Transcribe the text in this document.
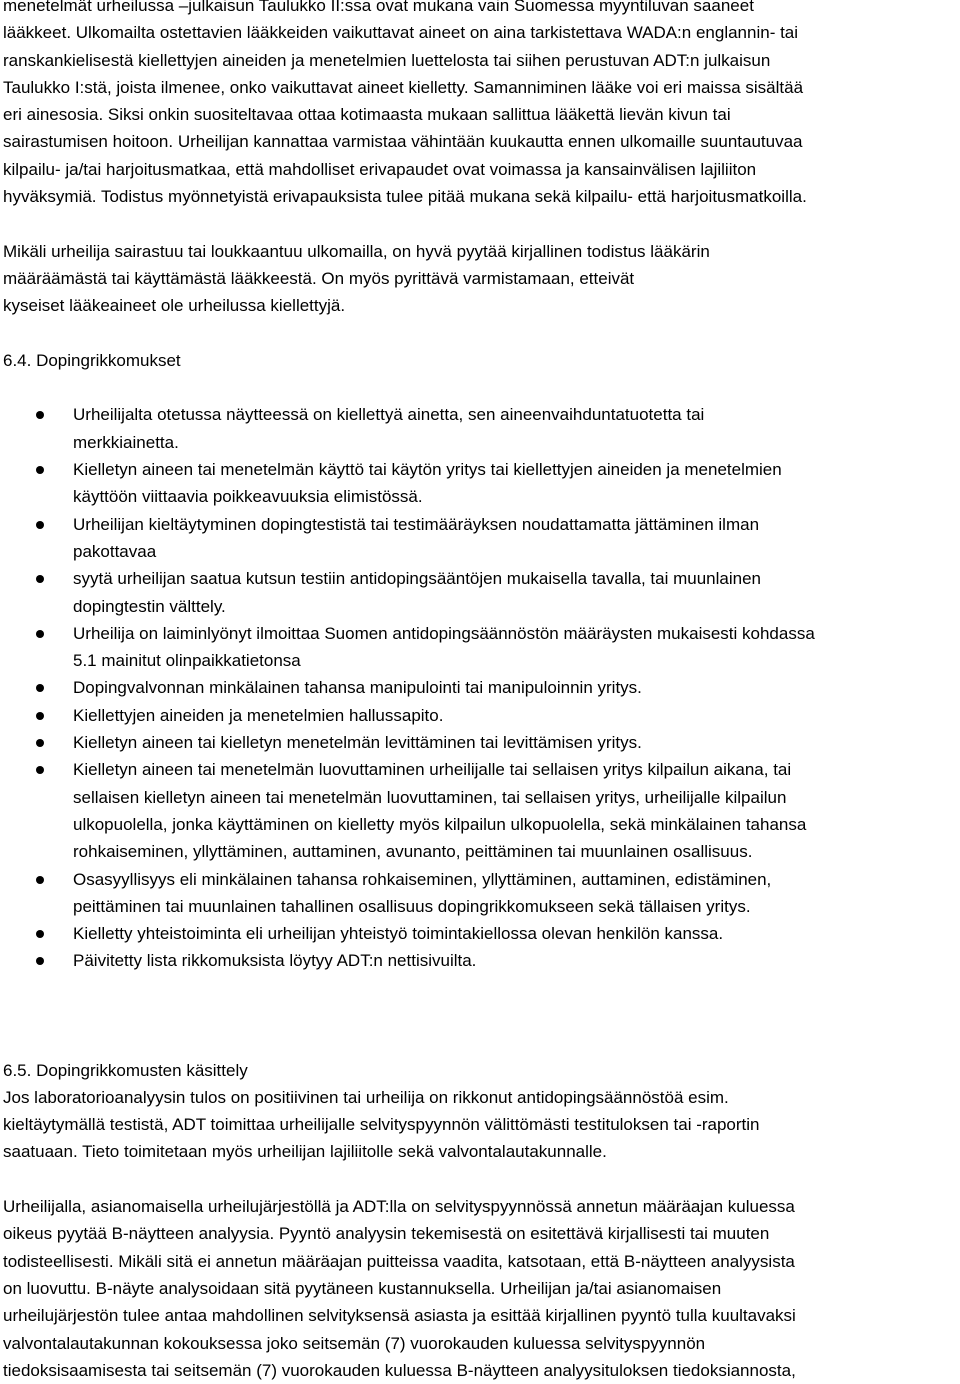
menetelmät urheilussa –julkaisun Taulukko II:ssa ovat mukana vain Suomessa myyntiluvan saaneet

lääkkeet. Ulkomailta ostettavien lääkkeiden vaikuttavat aineet on aina tarkistettava WADA:n englannin- tai

ranskankielisestä kiellettyjen aineiden ja menetelmien luettelosta tai siihen perustuvan ADT:n julkaisun

Taulukko I:stä, joista ilmenee, onko vaikuttavat aineet kielletty. Samanniminen lääke voi eri maissa sisältää

eri ainesosia. Siksi onkin suositeltavaa ottaa kotimaasta mukaan sallittua lääkettä lievän kivun tai

sairastumisen hoitoon. Urheilijan kannattaa varmistaa vähintään kuukautta ennen ulkomaille suuntautuvaa

kilpailu- ja/tai harjoitusmatkaa, että mahdolliset erivapaudet ovat voimassa ja kansainvälisen lajiliiton

hyväksymiä. Todistus myönnetyistä erivapauksista tulee pitää mukana sekä kilpailu- että harjoitusmatkoilla.

Mikäli urheilija sairastuu tai loukkaantuu ulkomailla, on hyvä pyytää kirjallinen todistus lääkärin

määräämästä tai käyttämästä lääkkeestä. On myös pyrittävä varmistamaan, etteivät

kyseiset lääkeaineet ole urheilussa kiellettyjä.

6.4. Dopingrikkomukset

Urheilijalta otetussa näytteessä on kiellettyä ainetta, sen aineenvaihduntatuotetta tai
merkkiainetta.
Kielletyn aineen tai menetelmän käyttö tai käytön yritys tai kiellettyjen aineiden ja menetelmien
käyttöön viittaavia poikkeavuuksia elimistössä.
Urheilijan kieltäytyminen dopingtestistä tai testimääräyksen noudattamatta jättäminen ilman
pakottavaa
syytä urheilijan saatua kutsun testiin antidopingsääntöjen mukaisella tavalla, tai muunlainen
dopingtestin välttely.
Urheilija on laiminlyönyt ilmoittaa Suomen antidopingsäännöstön määräysten mukaisesti kohdassa
5.1 mainitut olinpaikkatietonsa
Dopingvalvonnan minkälainen tahansa manipulointi tai manipuloinnin yritys.
Kiellettyjen aineiden ja menetelmien hallussapito.
Kielletyn aineen tai kielletyn menetelmän levittäminen tai levittämisen yritys.
Kielletyn aineen tai menetelmän luovuttaminen urheilijalle tai sellaisen yritys kilpailun aikana, tai
sellaisen kielletyn aineen tai menetelmän luovuttaminen, tai sellaisen yritys, urheilijalle kilpailun
ulkopuolella, jonka käyttäminen on kielletty myös kilpailun ulkopuolella, sekä minkälainen tahansa
rohkaiseminen, yllyttäminen, auttaminen, avunanto, peittäminen tai muunlainen osallisuus.
Osasyyllisyys eli minkälainen tahansa rohkaiseminen, yllyttäminen, auttaminen, edistäminen,
peittäminen tai muunlainen tahallinen osallisuus dopingrikkomukseen sekä tällaisen yritys.
Kielletty yhteistoiminta eli urheilijan yhteistyö toimintakiellossa olevan henkilön kanssa.
Päivitetty lista rikkomuksista löytyy ADT:n nettisivuilta.

6.5. Dopingrikkomusten käsittely

Jos laboratorioanalyysin tulos on positiivinen tai urheilija on rikkonut antidopingsäännöstöä esim.

kieltäytymällä testistä, ADT toimittaa urheilijalle selvityspyynnön välittömästi testituloksen tai -raportin

saatuaan. Tieto toimitetaan myös urheilijan lajiliitolle sekä valvontalautakunnalle.

Urheilijalla, asianomaisella urheilujärjestöllä ja ADT:lla on selvityspyynnössä annetun määräajan kuluessa

oikeus pyytää B-näytteen analyysia. Pyyntö analyysin tekemisestä on esitettävä kirjallisesti tai muuten

todisteellisesti. Mikäli sitä ei annetun määräajan puitteissa vaadita, katsotaan, että B-näytteen analyysista

on luovuttu. B-näyte analysoidaan sitä pyytäneen kustannuksella. Urheilijan ja/tai asianomaisen

urheilujärjestön tulee antaa mahdollinen selvityksensä asiasta ja esittää kirjallinen pyyntö tulla kuultavaksi

valvontalautakunnan kokouksessa joko seitsemän (7) vuorokauden kuluessa selvityspyynnön

tiedoksisaamisesta tai seitsemän (7) vuorokauden kuluessa B-näytteen analyysituloksen tiedoksiannosta,
